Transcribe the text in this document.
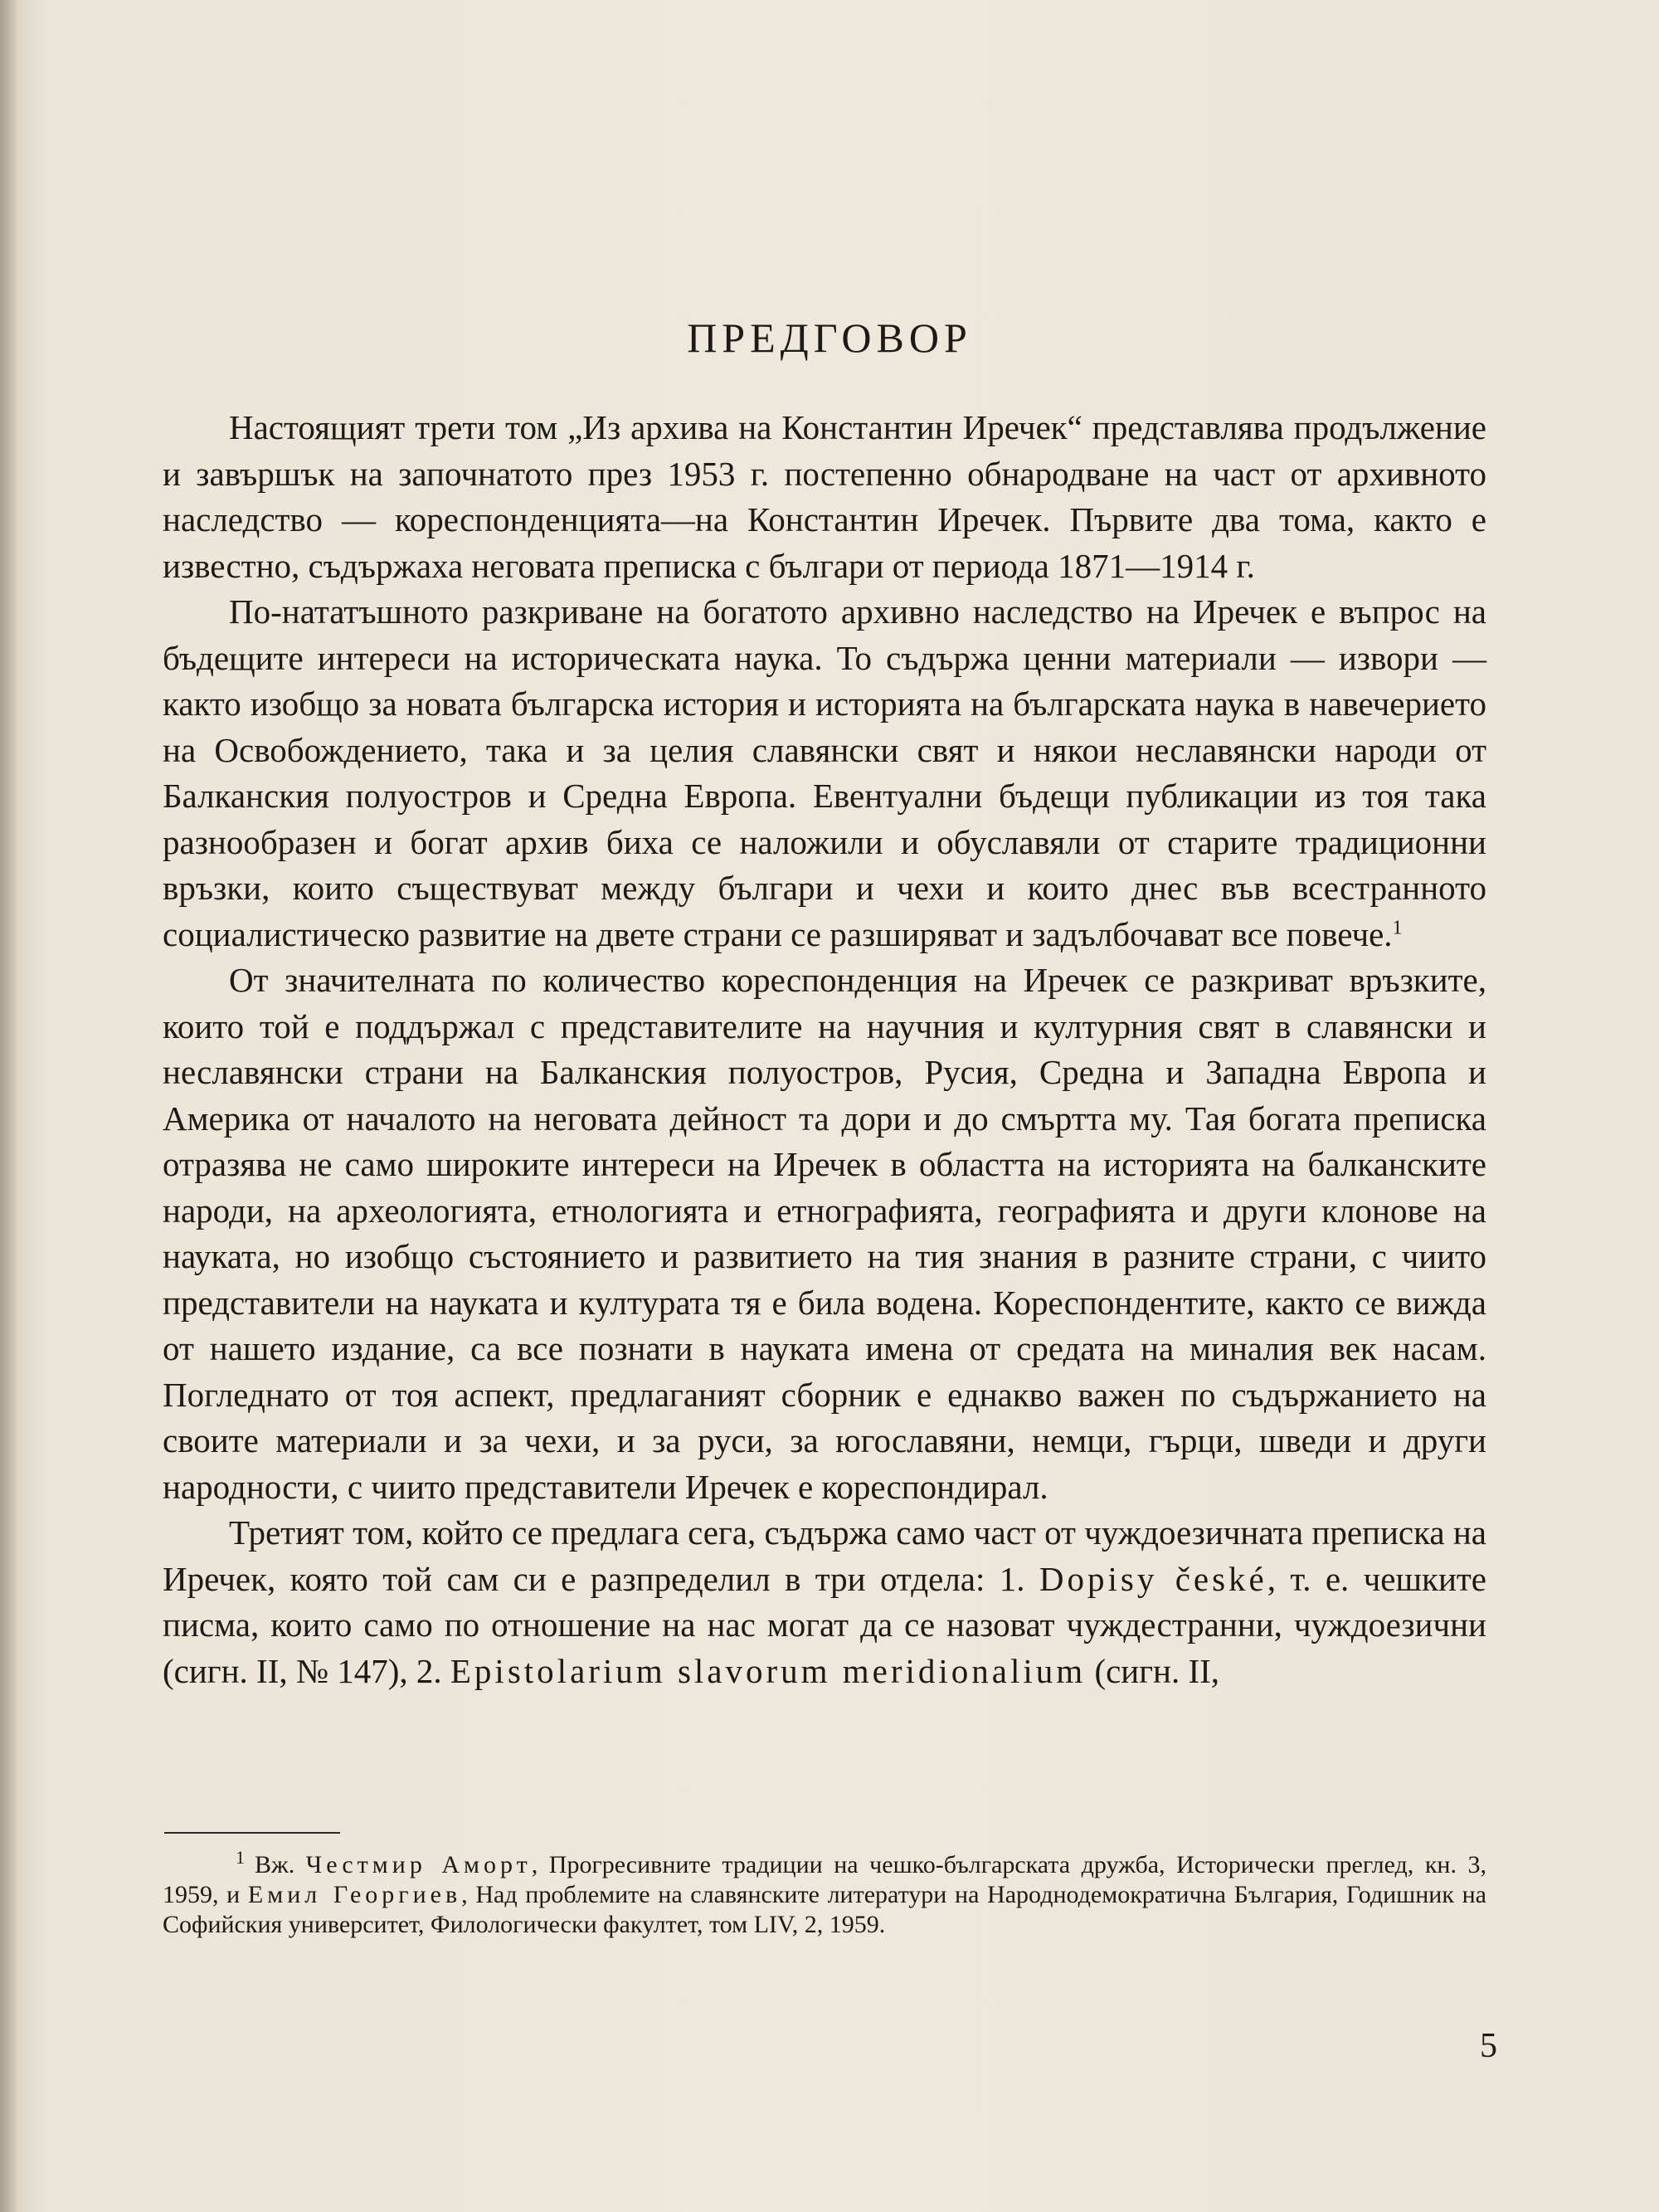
ПРЕДГОВОР

Настоящият трети том „Из архива на Константин Иречек“ представлява продължение и завършък на започнатото през 1953 г. постепенно обнародване на част от архивното наследство — кореспонденцията—на Константин Иречек. Първите два тома, както е известно, съдържаха неговата преписка с българи от периода 1871—1914 г.

По-нататъшното разкриване на богатото архивно наследство на Иречек е въпрос на бъдещите интереси на историческата наука. То съдържа ценни материали — извори — както изобщо за новата българска история и историята на българската наука в навечерието на Освобождението, така и за целия славянски свят и някои неславянски народи от Балканския полуостров и Средна Европа. Евентуални бъдещи публикации из тоя така разнообразен и богат архив биха се наложили и обуславяли от старите традиционни връзки, които съществуват между българи и чехи и които днес във всестранното социалистическо развитие на двете страни се разширяват и задълбочават все повече.$^1$

От значителната по количество кореспонденция на Иречек се разкриват връзките, които той е поддържал с представителите на научния и културния свят в славянски и неславянски страни на Балканския полуостров, Русия, Средна и Западна Европа и Америка от началото на неговата дейност та дори и до смъртта му. Тая богата преписка отразява не само широките интереси на Иречек в областта на историята на балканските народи, на археологията, етнологията и етнографията, географията и други клонове на науката, но изобщо състоянието и развитието на тия знания в разните страни, с чиито представители на науката и културата тя е била водена. Кореспондентите, както се вижда от нашето издание, са все познати в науката имена от средата на миналия век насам. Погледнато от тоя аспект, предлаганият сборник е еднакво важен по съдържанието на своите материали и за чехи, и за руси, за югославяни, немци, гърци, шведи и други народности, с чиито представители Иречек е кореспондирал.

Третият том, който се предлага сега, съдържа само част от чуждоезичната преписка на Иречек, която той сам си е разпределил в три отдела: 1. Dopisy české, т. е. чешките писма, които само по отношение на нас могат да се назоват чуждестранни, чуждоезични (сигн. II, № 147), 2. Epistolarium slavorum meridionalium (сигн. II,

$^1$ Вж. Честмир Аморт, Прогресивните традиции на чешко-българската дружба, Исторически преглед, кн. 3, 1959, и Емил Георгиев, Над проблемите на славянските литератури на Народнодемократична България, Годишник на Софийския университет, Филологически факултет, том LIV, 2, 1959.

5
